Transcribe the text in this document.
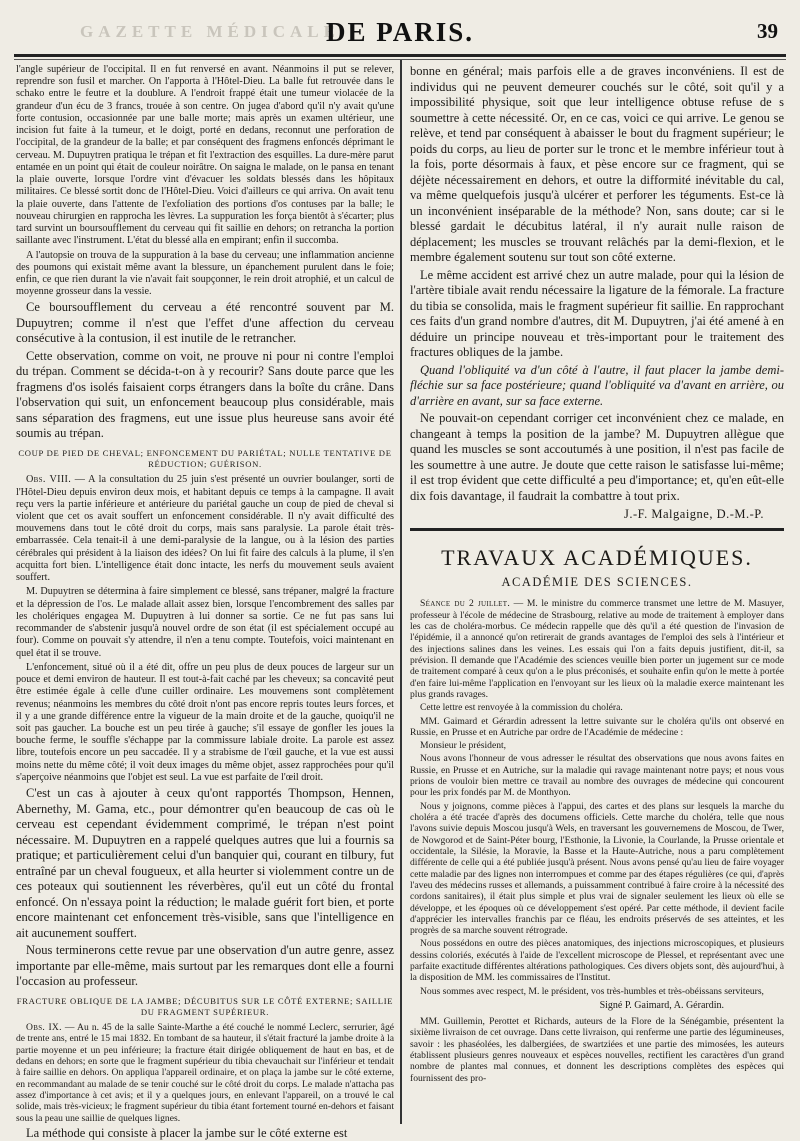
GAZETTE MÉDICALE
DE PARIS.	39

l'angle supérieur de l'occipital. Il en fut renversé en avant. Néanmoins il put se relever, reprendre son fusil et marcher. On l'apporta à l'Hôtel-Dieu. La balle fut retrouvée dans le schako entre le feutre et la doublure. A l'endroit frappé était une tumeur violacée de la grandeur d'un écu de 3 francs, trouée à son centre. On jugea d'abord qu'il n'y avait qu'une forte contusion, occasionnée par une balle morte; mais après un examen ultérieur, une incision fut faite à la tumeur, et le doigt, porté en dedans, reconnut une perforation de l'occipital, de la grandeur de la balle; et par conséquent des fragmens enfoncés déprimant le cerveau. M. Dupuytren pratiqua le trépan et fit l'extraction des esquilles. La dure-mère parut entamée en un point qui était de couleur noirâtre. On saigna le malade, on le pansa en tenant la plaie ouverte, lorsque l'ordre vint d'évacuer les soldats blessés dans les hôpitaux militaires. Ce blessé sortit donc de l'Hôtel-Dieu. Voici d'ailleurs ce qui arriva. On avait tenu la plaie ouverte, dans l'attente de l'exfoliation des portions d'os contuses par la balle; le nouveau chirurgien en rapprocha les lèvres. La suppuration les força bientôt à s'écarter; plus tard survint un boursoufflement du cerveau qui fit saillie en dehors; on retrancha la portion saillante avec l'instrument. L'état du blessé alla en empirant; enfin il succomba.

A l'autopsie on trouva de la suppuration à la base du cerveau; une inflammation ancienne des poumons qui existait même avant la blessure, un épanchement purulent dans le foie; enfin, ce que rien durant la vie n'avait fait soupçonner, le rein droit atrophié, et un calcul de moyenne grosseur dans la vessie.

Ce boursoufflement du cerveau a été rencontré souvent par M. Dupuytren; comme il n'est que l'effet d'une affection du cerveau consécutive à la contusion, il est inutile de le retrancher.

Cette observation, comme on voit, ne prouve ni pour ni contre l'emploi du trépan. Comment se décida-t-on à y recourir? Sans doute parce que les fragmens d'os isolés faisaient corps étrangers dans la boîte du crâne. Dans l'observation qui suit, un enfoncement beaucoup plus considérable, mais sans séparation des fragmens, eut une issue plus heureuse sans avoir été soumis au trépan.

COUP DE PIED DE CHEVAL; ENFONCEMENT DU PARIÉTAL; NULLE TENTATIVE DE RÉDUCTION; GUÉRISON.

Obs. VIII. — A la consultation du 25 juin s'est présenté un ouvrier boulanger, sorti de l'Hôtel-Dieu depuis environ deux mois, et habitant depuis ce temps à la campagne. Il avait reçu vers la partie inférieure et antérieure du pariétal gauche un coup de pied de cheval si violent que cet os avait souffert un enfoncement considérable. Il n'y avait difficulté des mouvemens dans tout le côté droit du corps, mais sans paralysie. La parole était très-embarrassée. Cela tenait-il à une demi-paralysie de la langue, ou à la lésion des parties cérébrales qui président à la liaison des idées? On lui fit faire des calculs à la plume, il s'en acquitta fort bien. L'intelligence était donc intacte, les nerfs du mouvement seuls avaient souffert.

M. Dupuytren se détermina à faire simplement ce blessé, sans trépaner, malgré la fracture et la dépression de l'os. Le malade allait assez bien, lorsque l'encombrement des salles par les cholériques engagea M. Dupuytren à lui donner sa sortie. Ce ne fut pas sans lui recommander de s'abstenir jusqu'à nouvel ordre de son état (il est spécialement occupé au four). Comme on pouvait s'y attendre, il n'en a tenu compte. Toutefois, voici maintenant en quel état il se trouve.

L'enfoncement, situé où il a été dit, offre un peu plus de deux pouces de largeur sur un pouce et demi environ de hauteur. Il est tout-à-fait caché par les cheveux; sa concavité peut être estimée égale à celle d'une cuiller ordinaire. Les mouvemens sont complètement revenus; néanmoins les membres du côté droit n'ont pas encore repris toutes leurs forces, et il y a une grande différence entre la vigueur de la main droite et de la gauche, quoiqu'il ne soit pas gaucher. La bouche est un peu tirée à gauche; s'il essaye de gonfler les joues la bouche ferme, le souffle s'échappe par la commissure labiale droite. La parole est assez libre, toutefois encore un peu saccadée. Il y a strabisme de l'œil gauche, et la vue est aussi moins nette du même côté; il voit deux images du même objet, assez rapprochées pour qu'il s'aperçoive néanmoins que l'objet est seul. La vue est parfaite de l'œil droit.

C'est un cas à ajouter à ceux qu'ont rapportés Thompson, Hennen, Abernethy, M. Gama, etc., pour démontrer qu'en beaucoup de cas où le cerveau est cependant évidemment comprimé, le trépan n'est point nécessaire. M. Dupuytren en a rappelé quelques autres que lui a fournis sa pratique; et particulièrement celui d'un banquier qui, courant en tilbury, fut entraîné par un cheval fougueux, et alla heurter si violemment contre un de ces poteaux qui soutiennent les réverbères, qu'il eut un côté du frontal enfoncé. On n'essaya point la réduction; le malade guérit fort bien, et porte encore maintenant cet enfoncement très-visible, sans que l'intelligence en ait aucunement souffert.

Nous terminerons cette revue par une observation d'un autre genre, assez importante par elle-même, mais surtout par les remarques dont elle a fourni l'occasion au professeur.

FRACTURE OBLIQUE DE LA JAMBE; DÉCUBITUS SUR LE CÔTÉ EXTERNE; SAILLIE DU FRAGMENT SUPÉRIEUR.

Obs. IX. — Au n. 45 de la salle Sainte-Marthe a été couché le nommé Leclerc, serrurier, âgé de trente ans, entré le 15 mai 1832. En tombant de sa hauteur, il s'était fracturé la jambe droite à la partie moyenne et un peu inférieure; la fracture était dirigée obliquement de haut en bas, et de dedans en dehors; en sorte que le fragment supérieur du tibia chevauchait sur l'inférieur et tendait à faire saillie en dehors. On appliqua l'appareil ordinaire, et on plaça la jambe sur le côté externe, en recommandant au malade de se tenir couché sur le côté droit du corps. Le malade n'attacha pas assez d'importance à cet avis; et il y a quelques jours, en enlevant l'appareil, on a trouvé le cal solide, mais très-vicieux; le fragment supérieur du tibia étant fortement tourné en-dehors et faisant sous la peau une saillie de quelques lignes.

La méthode qui consiste à placer la jambe sur le côté externe est

bonne en général; mais parfois elle a de graves inconvéniens. Il est de individus qui ne peuvent demeurer couchés sur le côté, soit qu'il y a impossibilité physique, soit que leur intelligence obtuse refuse de s soumettre à cette nécessité. Or, en ce cas, voici ce qui arrive. Le genou se relève, et tend par conséquent à abaisser le bout du fragment supérieur; le poids du corps, au lieu de porter sur le tronc et le membre inférieur tout à la fois, porte désormais à faux, et pèse encore sur ce fragment, qui se déjète nécessairement en dehors, et outre la difformité inévitable du cal, va même quelquefois jusqu'à ulcérer et perforer les téguments. Est-ce là un inconvénient inséparable de la méthode? Non, sans doute; car si le blessé gardait le décubitus latéral, il n'y aurait nulle raison de déplacement; les muscles se trouvant relâchés par la demi-flexion, et le membre également soutenu sur tout son côté externe.

Le même accident est arrivé chez un autre malade, pour qui la lésion de l'artère tibiale avait rendu nécessaire la ligature de la fémorale. La fracture du tibia se consolida, mais le fragment supérieur fit saillie. En rapprochant ces faits d'un grand nombre d'autres, dit M. Dupuytren, j'ai été amené à en déduire un principe nouveau et très-important pour le traitement des fractures obliques de la jambe.

Quand l'obliquité va d'un côté à l'autre, il faut placer la jambe demi-fléchie sur sa face postérieure; quand l'obliquité va d'avant en arrière, ou d'arrière en avant, sur sa face externe.

Ne pouvait-on cependant corriger cet inconvénient chez ce malade, en changeant à temps la position de la jambe? M. Dupuytren allègue que quand les muscles se sont accoutumés à une position, il n'est pas facile de les soumettre à une autre. Je doute que cette raison le satisfasse lui-même; il est trop évident que cette difficulté a peu d'importance; et, qu'en eût-elle dix fois davantage, il faudrait la combattre à tout prix.

J.-F. Malgaigne, D.-M.-P.
TRAVAUX ACADÉMIQUES.
ACADÉMIE DES SCIENCES.

Séance du 2 juillet. — M. le ministre du commerce transmet une lettre de M. Masuyer, professeur à l'école de médecine de Strasbourg, relative au mode de traitement à employer dans les cas de choléra-morbus. Ce médecin rappelle que dès qu'il a été question de l'invasion de l'épidémie, il a annoncé qu'on retirerait de grands avantages de l'emploi des sels à l'intérieur et des injections salines dans les veines. Les essais qui l'on a faits depuis justifient, dit-il, sa prévision. Il demande que l'Académie des sciences veuille bien porter un jugement sur ce mode de traitement comparé à ceux qu'on a le plus préconisés, et souhaite enfin qu'on le mette à portée d'en faire lui-même l'application en l'envoyant sur les lieux où la maladie exerce maintenant les plus grands ravages.

Cette lettre est renvoyée à la commission du choléra.

MM. Gaimard et Gérardin adressent la lettre suivante sur le choléra qu'ils ont observé en Russie, en Prusse et en Autriche par ordre de l'Académie de médecine :

Monsieur le président,

Nous avons l'honneur de vous adresser le résultat des observations que nous avons faites en Russie, en Prusse et en Autriche, sur la maladie qui ravage maintenant notre pays; et nous vous prions de vouloir bien mettre ce travail au nombre des ouvrages de médecine qui concourent pour les prix fondés par M. de Monthyon.

Nous y joignons, comme pièces à l'appui, des cartes et des plans sur lesquels la marche du choléra a été tracée d'après des documens officiels. Cette marche du choléra, telle que nous l'avons suivie depuis Moscou jusqu'à Wels, en traversant les gouvernemens de Moscou, de Twer, de Nowgorod et de Saint-Péter bourg, l'Esthonie, la Livonie, la Courlande, la Prusse orientale et occidentale, la Silésie, la Moravie, la Basse et la Haute-Autriche, nous a paru complètement différente de celle qui a été publiée jusqu'à présent. Nous avons pensé qu'au lieu de faire voyager cette maladie par des lignes non interrompues et comme par des étapes régulières (ce qui, d'après l'aveu des médecins russes et allemands, a puissamment contribué à faire croire à la nécessité des cordons sanitaires), il était plus simple et plus vrai de signaler seulement les lieux où elle se développe, et les époques où ce développement s'est opéré. Par cette méthode, il devient facile d'apprécier les intervalles franchis par ce fléau, les endroits préservés de ses atteintes, et les progrès de sa marche souvent rétrograde.

Nous possédons en outre des pièces anatomiques, des injections microscopiques, et plusieurs dessins coloriés, exécutés à l'aide de l'excellent microscope de Plessel, et représentant avec une parfaite exactitude différentes altérations pathologiques. Ces divers objets sont, dès aujourd'hui, à la disposition de MM. les commissaires de l'Institut.

Nous sommes avec respect, M. le président, vos très-humbles et très-obéissans serviteurs,

Signé P. Gaimard, A. Gérardin.

MM. Guillemin, Perottet et Richards, auteurs de la Flore de la Sénégambie, présentent la sixième livraison de cet ouvrage. Dans cette livraison, qui renferme une partie des légumineuses, savoir : les phaséolées, les dalbergiées, de swartziées et une partie des mimosées, les auteurs établissent plusieurs genres nouveaux et espèces nouvelles, rectifient les caractères d'un grand nombre de plantes mal connues, et donnent les descriptions complètes des espèces qui fournissent des pro-
